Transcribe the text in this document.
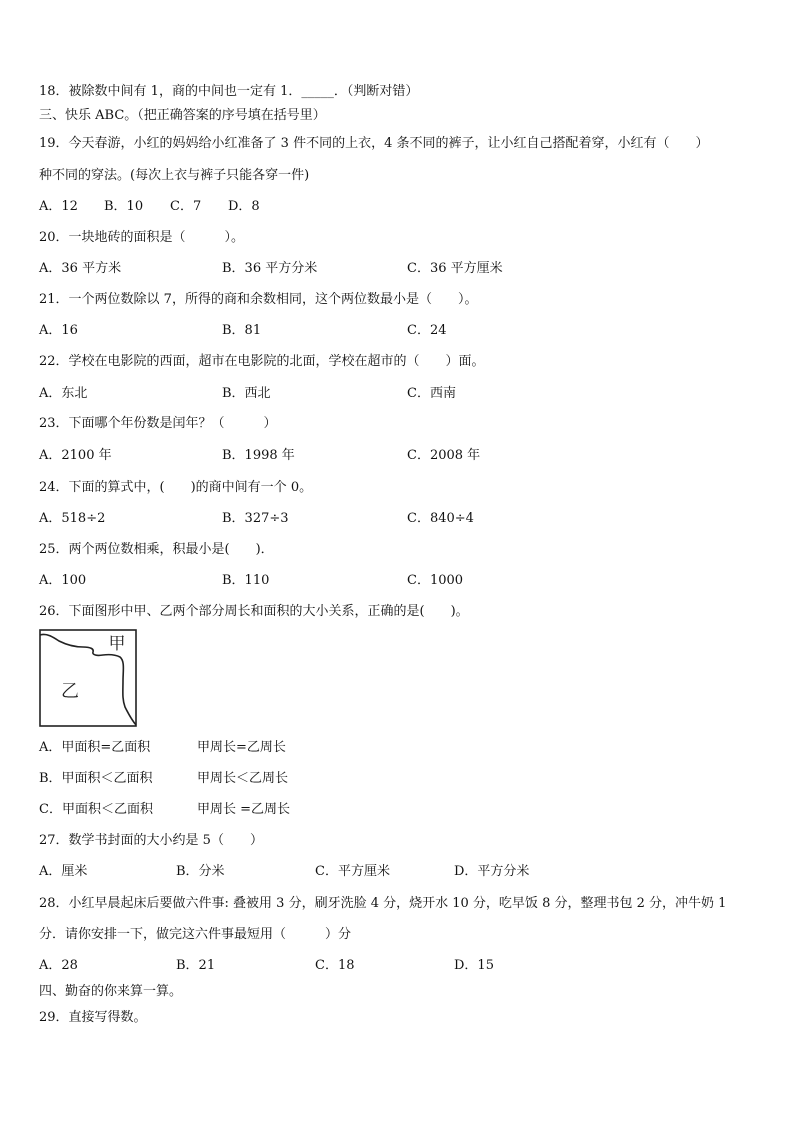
18．被除数中间有 1，商的中间也一定有 1．_____．（判断对错）
三、快乐 ABC。（把正确答案的序号填在括号里）
19．今天春游，小红的妈妈给小红准备了 3 件不同的上衣，4 条不同的裤子，让小红自己搭配着穿，小红有（　　）
种不同的穿法。(每次上衣与裤子只能各穿一件)
A．12 B．10 C．7 D．8
20．一块地砖的面积是（　　　）。
A．36 平方米	B．36 平方分米	C．36 平方厘米
21．一个两位数除以 7，所得的商和余数相同，这个两位数最小是（　　）。
A．16	B．81	C．24
22．学校在电影院的西面，超市在电影院的北面，学校在超市的（　　）面。
A．东北	B．西北	C．西南
23．下面哪个年份数是闰年？（　　　）
A．2100 年	B．1998 年	C．2008 年
24．下面的算式中，(　　)的商中间有一个 0。
A．518÷2	B．327÷3	C．840÷4
25．两个两位数相乘，积最小是(　　)．
A．100	B．110	C．1000
26．下面图形中甲、乙两个部分周长和面积的大小关系，正确的是(　　)。
甲
乙
A．甲面积=乙面积	甲周长=乙周长
B．甲面积＜乙面积	甲周长＜乙周长
C．甲面积＜乙面积	甲周长 =乙周长
27．数学书封面的大小约是 5（　　）
A．厘米	B．分米	C．平方厘米	D．平方分米
28．小红早晨起床后要做六件事: 叠被用 3 分，刷牙洗脸 4 分，烧开水 10 分，吃早饭 8 分，整理书包 2 分，冲牛奶 1
分．请你安排一下，做完这六件事最短用（　　　）分
A．28	B．21	C．18	D．15
四、勤奋的你来算一算。
29．直接写得数。
